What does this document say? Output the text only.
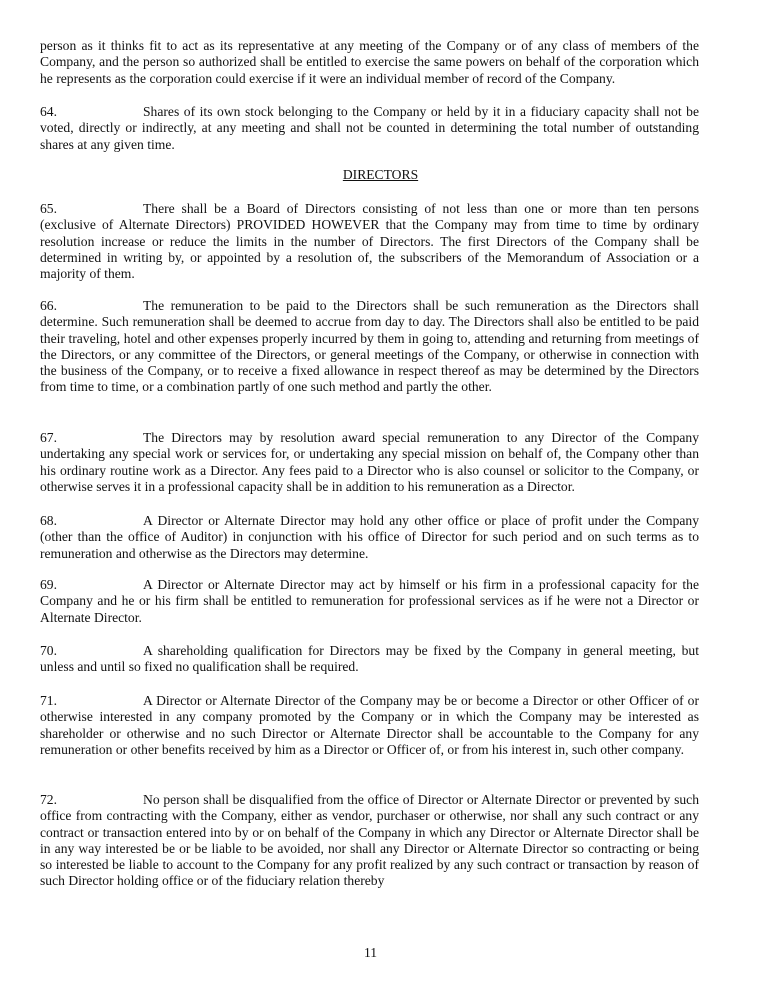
person as it thinks fit to act as its representative at any meeting of the Company or of any class of members of the Company, and the person so authorized shall be entitled to exercise the same powers on behalf of the corporation which he represents as the corporation could exercise if it were an individual member of record of the Company.

64.	Shares of its own stock belonging to the Company or held by it in a fiduciary capacity shall not be voted, directly or indirectly, at any meeting and shall not be counted in determining the total number of outstanding shares at any given time.

DIRECTORS

65.	There shall be a Board of Directors consisting of not less than one or more than ten persons (exclusive of Alternate Directors) PROVIDED HOWEVER that the Company may from time to time by ordinary resolution increase or reduce the limits in the number of Directors. The first Directors of the Company shall be determined in writing by, or appointed by a resolution of, the subscribers of the Memorandum of Association or a majority of them.

66.	The remuneration to be paid to the Directors shall be such remuneration as the Directors shall determine. Such remuneration shall be deemed to accrue from day to day. The Directors shall also be entitled to be paid their traveling, hotel and other expenses properly incurred by them in going to, attending and returning from meetings of the Directors, or any committee of the Directors, or general meetings of the Company, or otherwise in connection with the business of the Company, or to receive a fixed allowance in respect thereof as may be determined by the Directors from time to time, or a combination partly of one such method and partly the other.

67.	The Directors may by resolution award special remuneration to any Director of the Company undertaking any special work or services for, or undertaking any special mission on behalf of, the Company other than his ordinary routine work as a Director. Any fees paid to a Director who is also counsel or solicitor to the Company, or otherwise serves it in a professional capacity shall be in addition to his remuneration as a Director.

68.	A Director or Alternate Director may hold any other office or place of profit under the Company (other than the office of Auditor) in conjunction with his office of Director for such period and on such terms as to remuneration and otherwise as the Directors may determine.

69.	A Director or Alternate Director may act by himself or his firm in a professional capacity for the Company and he or his firm shall be entitled to remuneration for professional services as if he were not a Director or Alternate Director.

70.	A shareholding qualification for Directors may be fixed by the Company in general meeting, but unless and until so fixed no qualification shall be required.

71.	A Director or Alternate Director of the Company may be or become a Director or other Officer of or otherwise interested in any company promoted by the Company or in which the Company may be interested as shareholder or otherwise and no such Director or Alternate Director shall be accountable to the Company for any remuneration or other benefits received by him as a Director or Officer of, or from his interest in, such other company.

72.	No person shall be disqualified from the office of Director or Alternate Director or prevented by such office from contracting with the Company, either as vendor, purchaser or otherwise, nor shall any such contract or any contract or transaction entered into by or on behalf of the Company in which any Director or Alternate Director shall be in any way interested be or be liable to be avoided, nor shall any Director or Alternate Director so contracting or being so interested be liable to account to the Company for any profit realized by any such contract or transaction by reason of such Director holding office or of the fiduciary relation thereby

11
